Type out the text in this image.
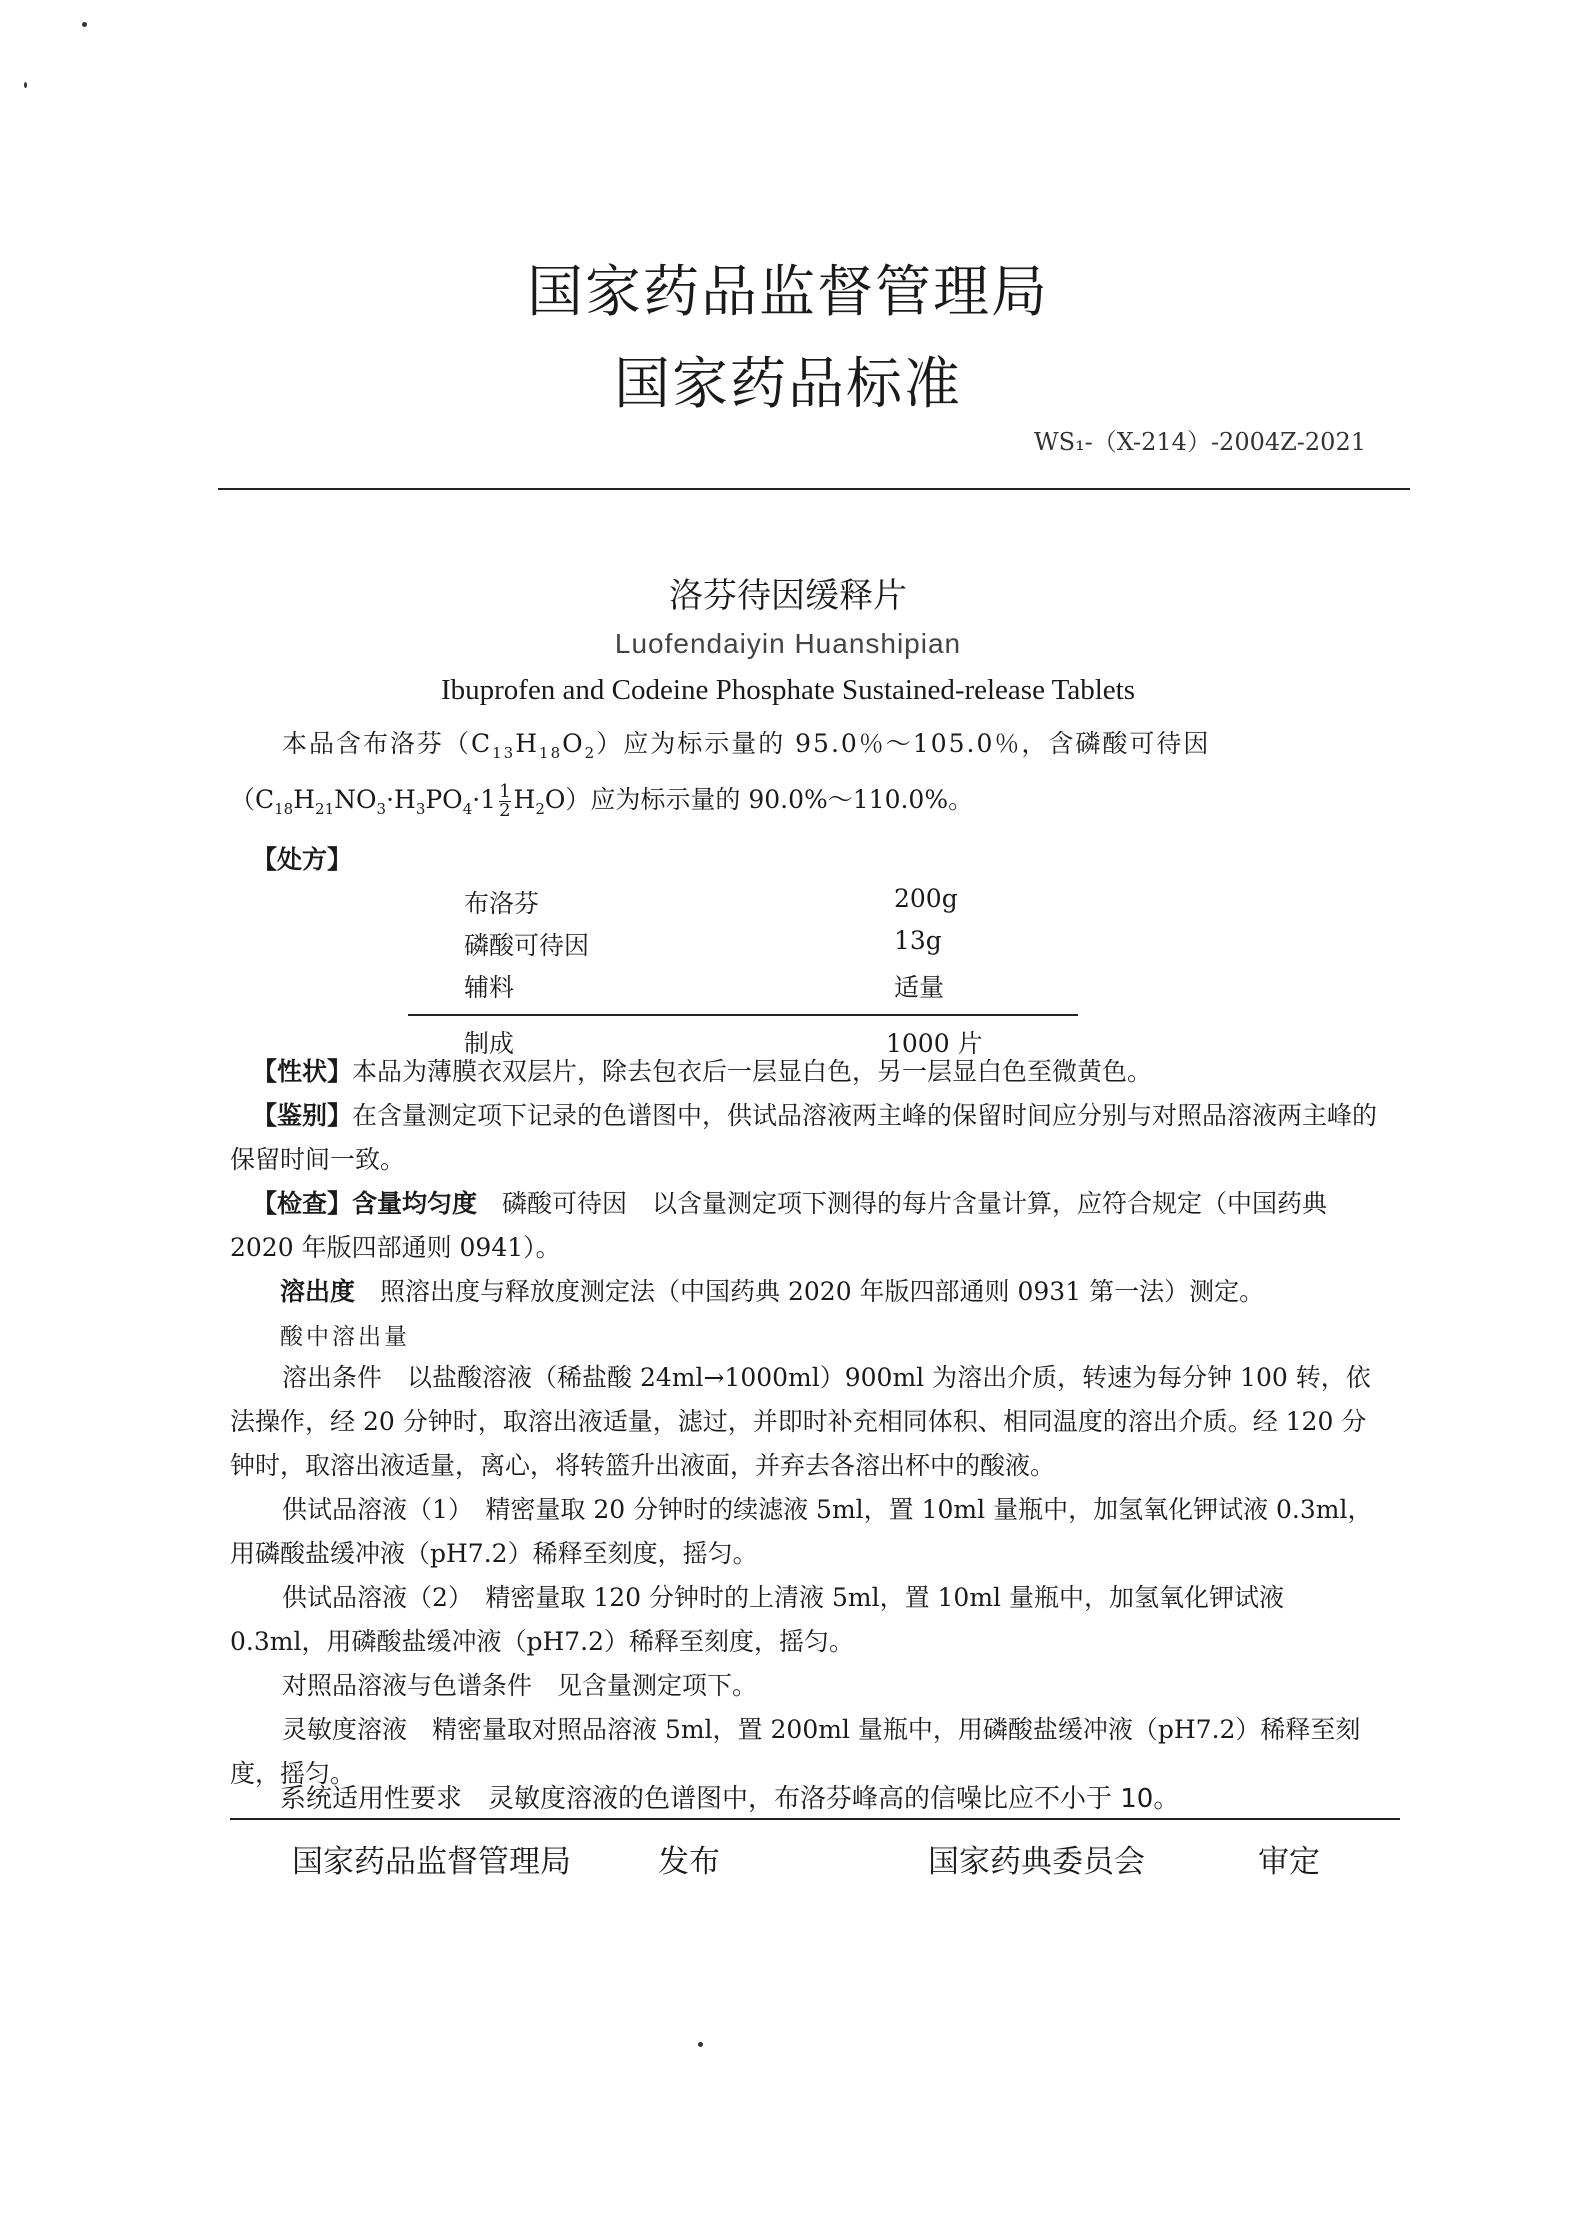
国家药品监督管理局
国家药品标准
WS₁-（X-214）-2004Z-2021
洛芬待因缓释片
Luofendaiyin Huanshipian
Ibuprofen and Codeine Phosphate Sustained-release Tablets
本品含布洛芬$(C_{13}H_{18}O_2)$应为标示量的 95.0％～105.0％，含磷酸可待因
$(C_{18}H_{21}NO_3\cdot H_3PO_4\cdot 1 \frac{1}{2} H_2O)$应为标示量的 90.0%～110.0%。
【处方】
布洛芬	200g
磷酸可待因	13g
辅料	适量
制成	1000 片
【性状】本品为薄膜衣双层片，除去包衣后一层显白色，另一层显白色至微黄色。
【鉴别】在含量测定项下记录的色谱图中，供试品溶液两主峰的保留时间应分别与对照品溶液两主峰的保留时间一致。
【检查】含量均匀度　 磷酸可待因　以含量测定项下测得的每片含量计算，应符合规定（中国药典 2020 年版四部通则 0941）。
溶出度　 照溶出度与释放度测定法（中国药典 2020 年版四部通则 0931 第一法）测定。
酸中溶出量
溶出条件　以盐酸溶液（稀盐酸 24ml→1000ml）900ml 为溶出介质，转速为每分钟 100 转，依法操作，经 20 分钟时，取溶出液适量，滤过，并即时补充相同体积、相同温度的溶出介质。经 120 分钟时，取溶出液适量，离心，将转篮升出液面，并弃去各溶出杯中的酸液。
供试品溶液（1）　精密量取 20 分钟时的续滤液 5ml，置 10ml 量瓶中，加氢氧化钾试液 0.3ml，用磷酸盐缓冲液（pH7.2）稀释至刻度，摇匀。
供试品溶液（2）　精密量取 120 分钟时的上清液 5ml，置 10ml 量瓶中，加氢氧化钾试液 0.3ml，用磷酸盐缓冲液（pH7.2）稀释至刻度，摇匀。
对照品溶液与色谱条件　见含量测定项下。
灵敏度溶液　精密量取对照品溶液 5ml，置 200ml 量瓶中，用磷酸盐缓冲液（pH7.2）稀释至刻度，摇匀。
系统适用性要求　灵敏度溶液的色谱图中，布洛芬峰高的信噪比应不小于 10。
国家药品监督管理局	发布	国家药典委员会	审定
